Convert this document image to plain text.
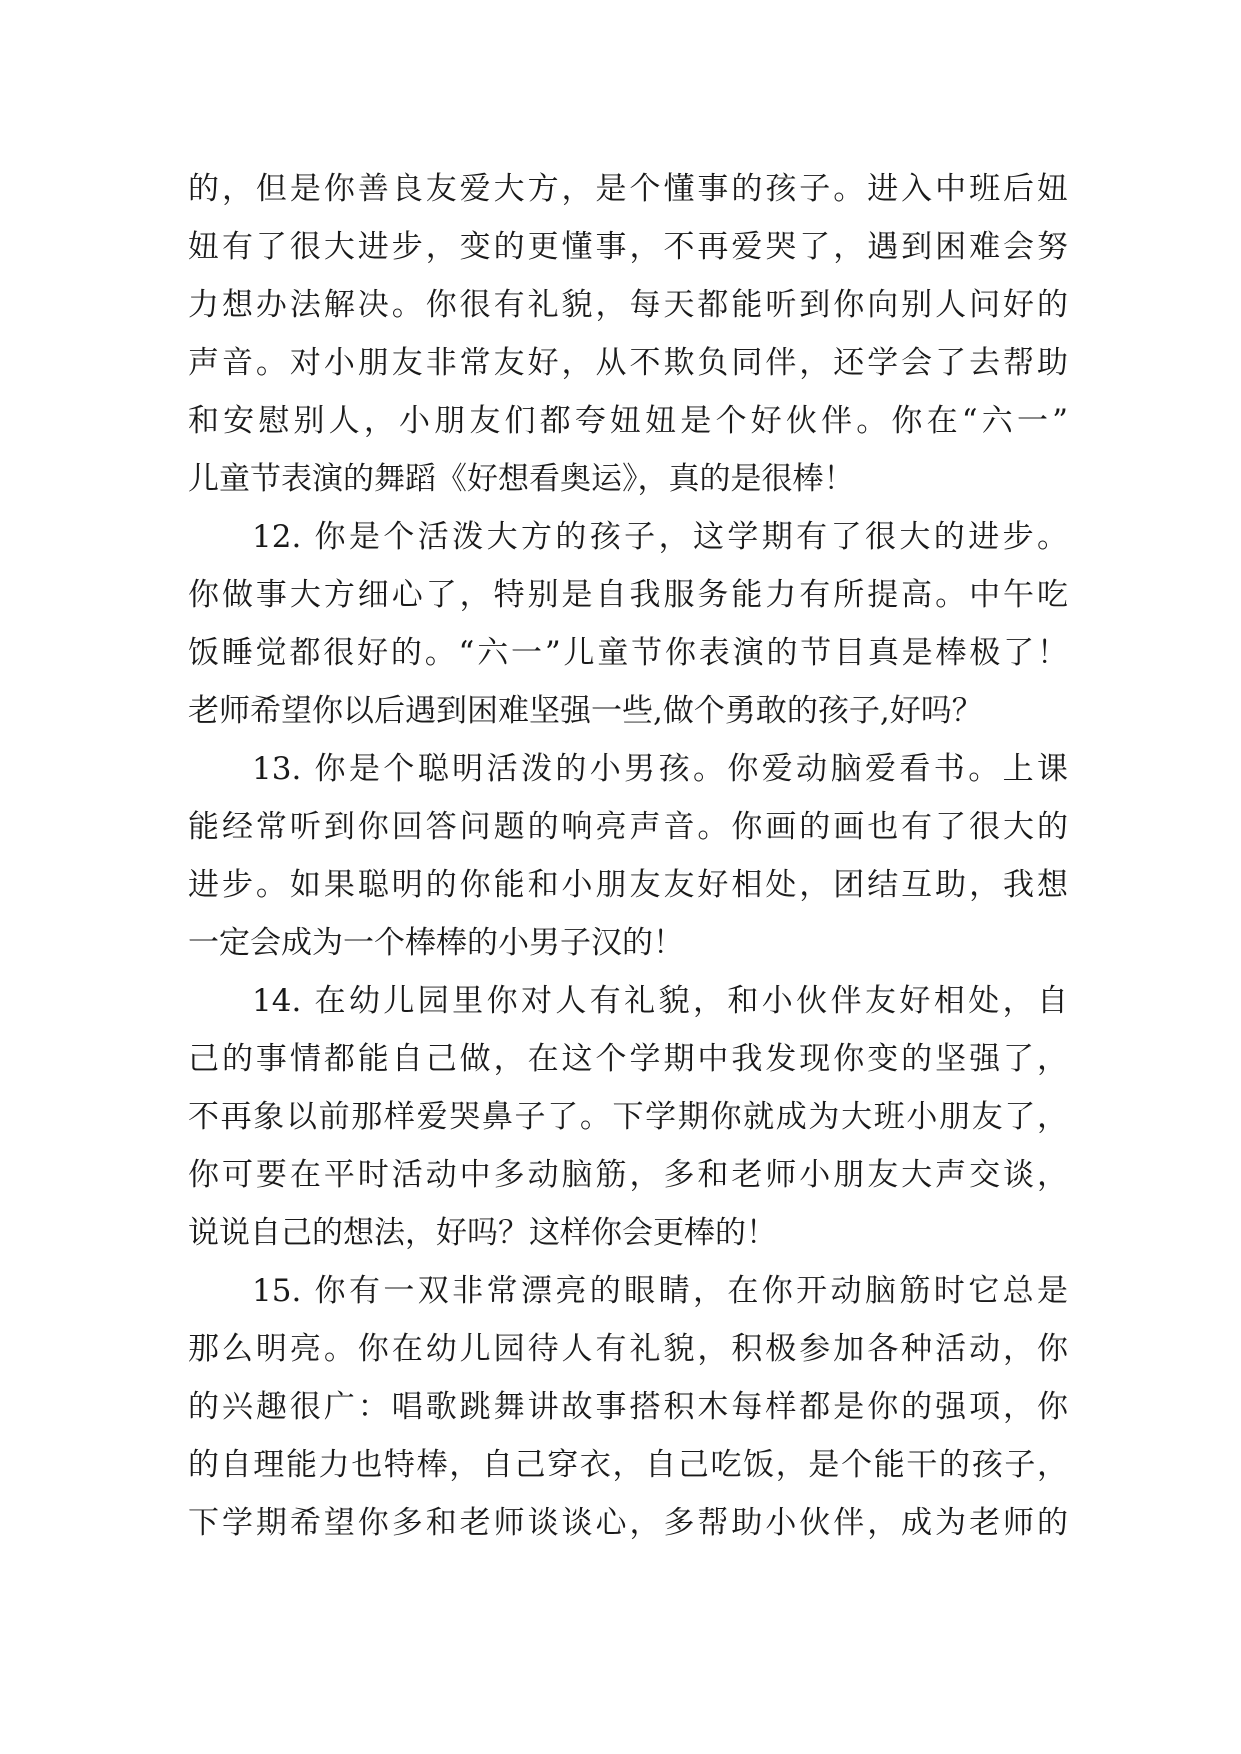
的，但是你善良友爱大方，是个懂事的孩子。进入中班后妞
妞有了很大进步，变的更懂事，不再爱哭了，遇到困难会努
力想办法解决。你很有礼貌，每天都能听到你向别人问好的
声音。对小朋友非常友好，从不欺负同伴，还学会了去帮助
和安慰别人，小朋友们都夸妞妞是个好伙伴。你在“六一”
儿童节表演的舞蹈《好想看奥运》，真的是很棒！
12. 你是个活泼大方的孩子，这学期有了很大的进步。
你做事大方细心了，特别是自我服务能力有所提高。中午吃
饭睡觉都很好的。“六一”儿童节你表演的节目真是棒极了！
老师希望你以后遇到困难坚强一些,做个勇敢的孩子,好吗？
13. 你是个聪明活泼的小男孩。你爱动脑爱看书。上课
能经常听到你回答问题的响亮声音。你画的画也有了很大的
进步。如果聪明的你能和小朋友友好相处，团结互助，我想
一定会成为一个棒棒的小男子汉的！
14. 在幼儿园里你对人有礼貌，和小伙伴友好相处，自
己的事情都能自己做，在这个学期中我发现你变的坚强了，
不再象以前那样爱哭鼻子了。下学期你就成为大班小朋友了，
你可要在平时活动中多动脑筋，多和老师小朋友大声交谈，
说说自己的想法，好吗？这样你会更棒的！
15. 你有一双非常漂亮的眼睛，在你开动脑筋时它总是
那么明亮。你在幼儿园待人有礼貌，积极参加各种活动，你
的兴趣很广：唱歌跳舞讲故事搭积木每样都是你的强项，你
的自理能力也特棒，自己穿衣，自己吃饭，是个能干的孩子，
下学期希望你多和老师谈谈心，多帮助小伙伴，成为老师的
